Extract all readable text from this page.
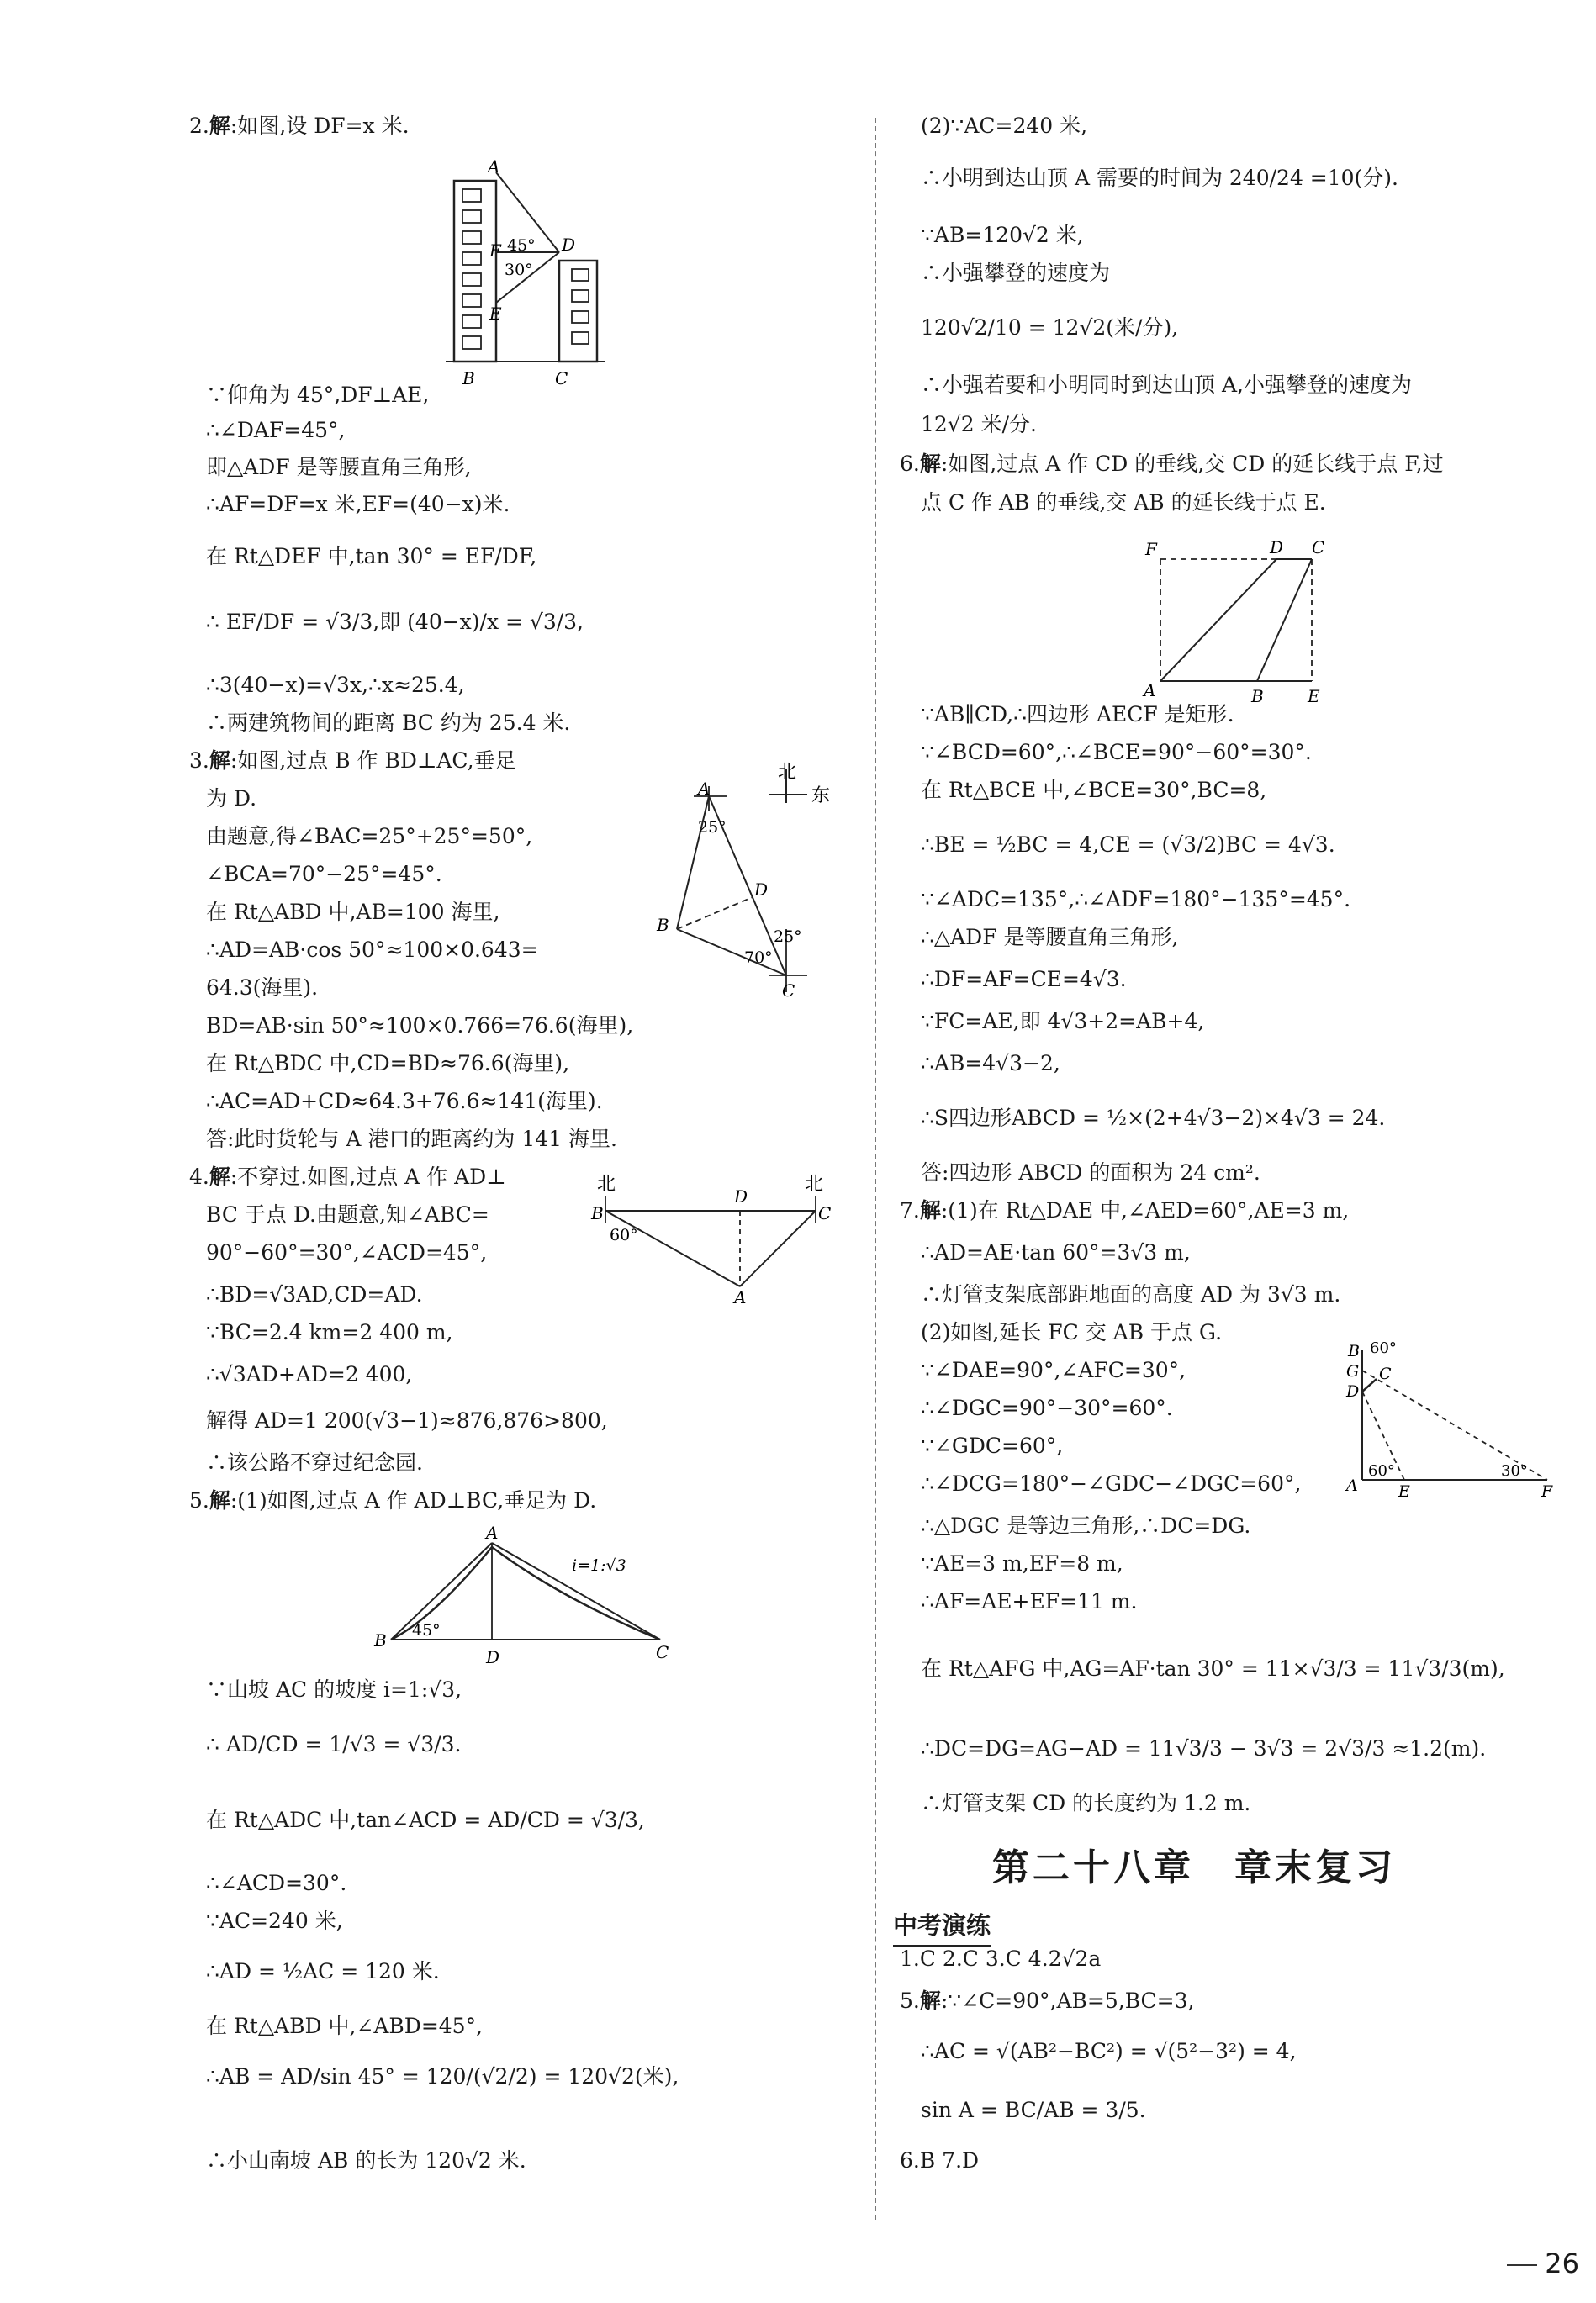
2.解:如图,设 DF=x 米.
∵仰角为 45°,DF⊥AE,
∴∠DAF=45°,
即△ADF 是等腰直角三角形,
∴AF=DF=x 米,EF=(40−x)米.
在 Rt△DEF 中,tan 30° = EF/DF,
∴ EF/DF = √3/3,即 (40−x)/x = √3/3,
∴3(40−x)=√3x,∴x≈25.4,
∴两建筑物间的距离 BC 约为 25.4 米.
3.解:如图,过点 B 作 BD⊥AC,垂足
为 D.
由题意,得∠BAC=25°+25°=50°,
∠BCA=70°−25°=45°.
在 Rt△ABD 中,AB=100 海里,
∴AD=AB·cos 50°≈100×0.643=
64.3(海里).
BD=AB·sin 50°≈100×0.766=76.6(海里),
在 Rt△BDC 中,CD=BD≈76.6(海里),
∴AC=AD+CD≈64.3+76.6≈141(海里).
答:此时货轮与 A 港口的距离约为 141 海里.
4.解:不穿过.如图,过点 A 作 AD⊥
BC 于点 D.由题意,知∠ABC=
90°−60°=30°,∠ACD=45°,
∴BD=√3AD,CD=AD.
∵BC=2.4 km=2 400 m,
∴√3AD+AD=2 400,
解得 AD=1 200(√3−1)≈876,876>800,
∴该公路不穿过纪念园.
5.解:(1)如图,过点 A 作 AD⊥BC,垂足为 D.
∵山坡 AC 的坡度 i=1:√3,
∴ AD/CD = 1/√3 = √3/3.
在 Rt△ADC 中,tan∠ACD = AD/CD = √3/3,
∴∠ACD=30°.
∵AC=240 米,
∴AD = ½AC = 120 米.
在 Rt△ABD 中,∠ABD=45°,
∴AB = AD/sin 45° = 120/(√2/2) = 120√2(米),
∴小山南坡 AB 的长为 120√2 米.
(2)∵AC=240 米,
∴小明到达山顶 A 需要的时间为 240/24 =10(分).
∵AB=120√2 米,
∴小强攀登的速度为
120√2/10 = 12√2(米/分),
∴小强若要和小明同时到达山顶 A,小强攀登的速度为
12√2 米/分.
6.解:如图,过点 A 作 CD 的垂线,交 CD 的延长线于点 F,过
点 C 作 AB 的垂线,交 AB 的延长线于点 E.
∵AB∥CD,∴四边形 AECF 是矩形.
∵∠BCD=60°,∴∠BCE=90°−60°=30°.
在 Rt△BCE 中,∠BCE=30°,BC=8,
∴BE = ½BC = 4,CE = (√3/2)BC = 4√3.
∵∠ADC=135°,∴∠ADF=180°−135°=45°.
∴△ADF 是等腰直角三角形,
∴DF=AF=CE=4√3.
∵FC=AE,即 4√3+2=AB+4,
∴AB=4√3−2,
∴S四边形ABCD = ½×(2+4√3−2)×4√3 = 24.
答:四边形 ABCD 的面积为 24 cm².
7.解:(1)在 Rt△DAE 中,∠AED=60°,AE=3 m,
∴AD=AE·tan 60°=3√3 m,
∴灯管支架底部距地面的高度 AD 为 3√3 m.
(2)如图,延长 FC 交 AB 于点 G.
∵∠DAE=90°,∠AFC=30°,
∴∠DGC=90°−30°=60°.
∵∠GDC=60°,
∴∠DCG=180°−∠GDC−∠DGC=60°,
∴△DGC 是等边三角形,∴DC=DG.
∵AE=3 m,EF=8 m,
∴AF=AE+EF=11 m.
在 Rt△AFG 中,AG=AF·tan 30° = 11×√3/3 = 11√3/3(m),
∴DC=DG=AG−AD = 11√3/3 − 3√3 = 2√3/3 ≈1.2(m).
∴灯管支架 CD 的长度约为 1.2 m.
1.C 2.C 3.C 4.2√2a
5.解:∵∠C=90°,AB=5,BC=3,
∴AC = √(AB²−BC²) = √(5²−3²) = 4,
sin A = BC/AB = 3/5.
6.B 7.D
A
F 45° D
30°
E
B	C
北
东
A
25°
D
B
25°
70°
C
北	北
D
B	C
60°
A
A
i=1:√3
B 45°
D	C
F	D C
A	B	E
B 60°
G C
D
A
60°
E
30°
F
第二十八章　章末复习
中考演练
26
